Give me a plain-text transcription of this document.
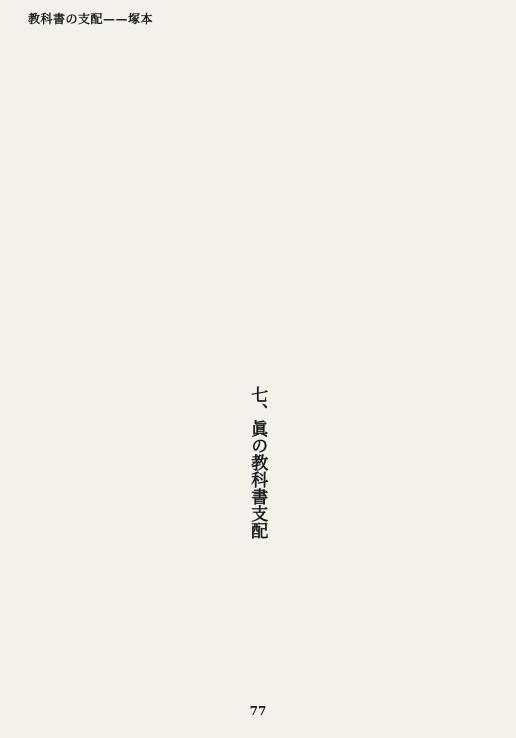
教科書の支配——塚本
七、眞の教科書支配
77
